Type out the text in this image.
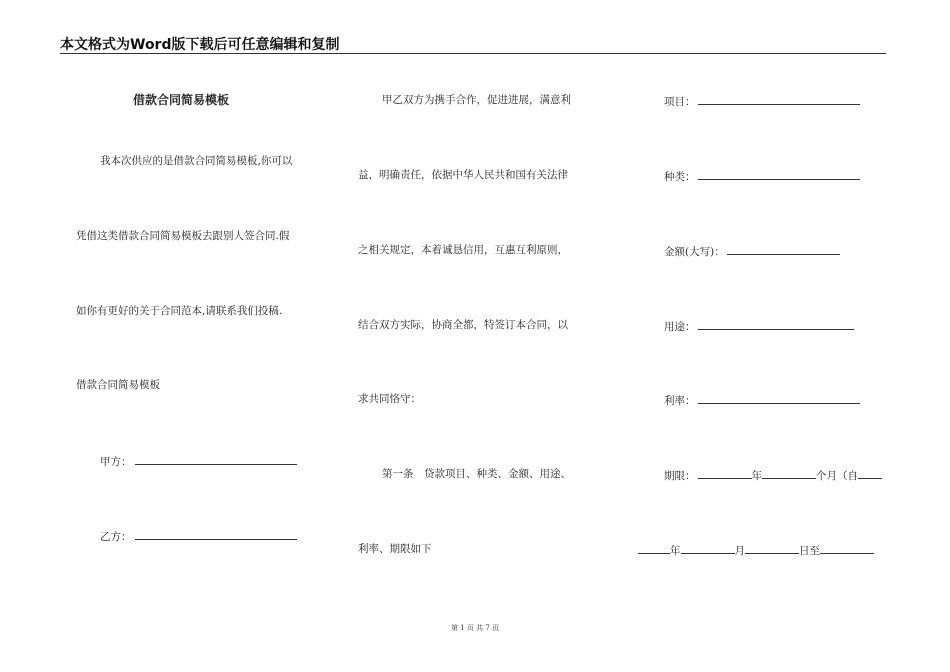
本文格式为Word版下载后可任意编辑和复制
借款合同简易模板
我本次供应的是借款合同简易模板,你可以
凭借这类借款合同简易模板去跟别人签合同.假
如你有更好的关于合同范本,请联系我们投稿.
借款合同简易模板
甲方：
乙方：
甲乙双方为携手合作，促进进展，满意利
益，明确责任，依据中华人民共和国有关法律
之相关规定，本着诚恳信用，互惠互利原则，
结合双方实际，协商全都，特签订本合同，以
求共同恪守：
第一条　贷款项目、种类、金额、用途、
利率、期限如下
项目：
种类：
金额(大写)：
用途：
利率：
期限：	年	个月（自
年	月	日至
第 1 页 共 7 页
